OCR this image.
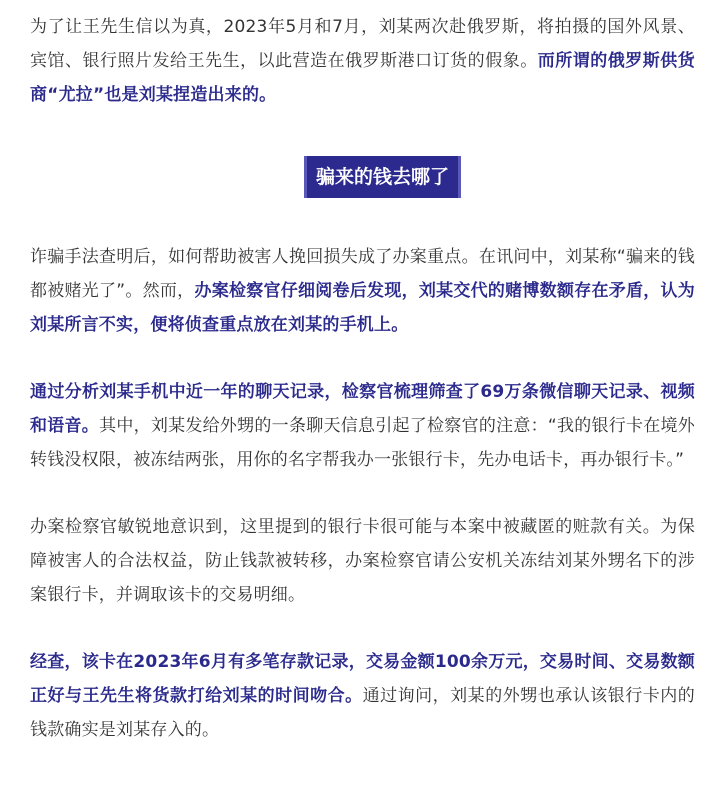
为了让王先生信以为真，2023年5月和7月，刘某两次赴俄罗斯，将拍摄的国外风景、宾馆、银行照片发给王先生，以此营造在俄罗斯港口订货的假象。而所谓的俄罗斯供货商“尤拉”也是刘某捏造出来的。

骗来的钱去哪了

诈骗手法查明后，如何帮助被害人挽回损失成了办案重点。在讯问中，刘某称“骗来的钱都被赌光了”。然而，办案检察官仔细阅卷后发现，刘某交代的赌博数额存在矛盾，认为刘某所言不实，便将侦查重点放在刘某的手机上。

通过分析刘某手机中近一年的聊天记录，检察官梳理筛查了69万条微信聊天记录、视频和语音。其中，刘某发给外甥的一条聊天信息引起了检察官的注意：“我的银行卡在境外转钱没权限，被冻结两张，用你的名字帮我办一张银行卡，先办电话卡，再办银行卡。”

办案检察官敏锐地意识到，这里提到的银行卡很可能与本案中被藏匿的赃款有关。为保障被害人的合法权益，防止钱款被转移，办案检察官请公安机关冻结刘某外甥名下的涉案银行卡，并调取该卡的交易明细。

经查，该卡在2023年6月有多笔存款记录，交易金额100余万元，交易时间、交易数额正好与王先生将货款打给刘某的时间吻合。通过询问，刘某的外甥也承认该银行卡内的钱款确实是刘某存入的。
